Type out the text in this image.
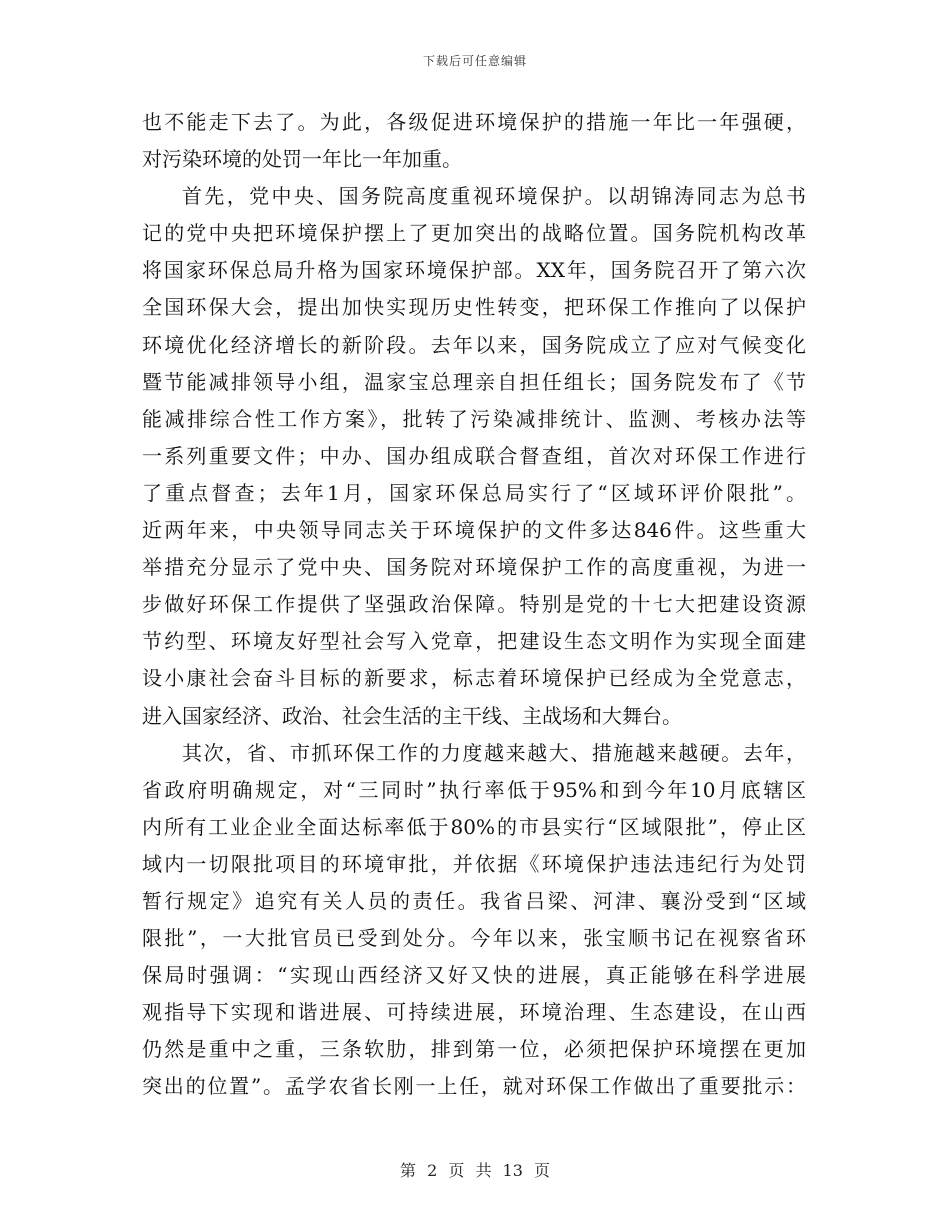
下载后可任意编辑
也不能走下去了。为此，各级促进环境保护的措施一年比一年强硬，
对污染环境的处罚一年比一年加重。
首先，党中央、国务院高度重视环境保护。以胡锦涛同志为总书
记的党中央把环境保护摆上了更加突出的战略位置。国务院机构改革
将国家环保总局升格为国家环境保护部。XX年，国务院召开了第六次
全国环保大会，提出加快实现历史性转变，把环保工作推向了以保护
环境优化经济增长的新阶段。去年以来，国务院成立了应对气候变化
暨节能减排领导小组，温家宝总理亲自担任组长；国务院发布了《节
能减排综合性工作方案》，批转了污染减排统计、监测、考核办法等
一系列重要文件；中办、国办组成联合督查组，首次对环保工作进行
了重点督查；去年1月，国家环保总局实行了“区域环评价限批”。
近两年来，中央领导同志关于环境保护的文件多达846件。这些重大
举措充分显示了党中央、国务院对环境保护工作的高度重视，为进一
步做好环保工作提供了坚强政治保障。特别是党的十七大把建设资源
节约型、环境友好型社会写入党章，把建设生态文明作为实现全面建
设小康社会奋斗目标的新要求，标志着环境保护已经成为全党意志，
进入国家经济、政治、社会生活的主干线、主战场和大舞台。
其次，省、市抓环保工作的力度越来越大、措施越来越硬。去年，
省政府明确规定，对“三同时”执行率低于95%和到今年10月底辖区
内所有工业企业全面达标率低于80%的市县实行“区域限批”，停止区
域内一切限批项目的环境审批，并依据《环境保护违法违纪行为处罚
暂行规定》追究有关人员的责任。我省吕梁、河津、襄汾受到“区域
限批”，一大批官员已受到处分。今年以来，张宝顺书记在视察省环
保局时强调：“实现山西经济又好又快的进展，真正能够在科学进展
观指导下实现和谐进展、可持续进展，环境治理、生态建设，在山西
仍然是重中之重，三条软肋，排到第一位，必须把保护环境摆在更加
突出的位置”。孟学农省长刚一上任，就对环保工作做出了重要批示：
第 2 页 共 13 页
